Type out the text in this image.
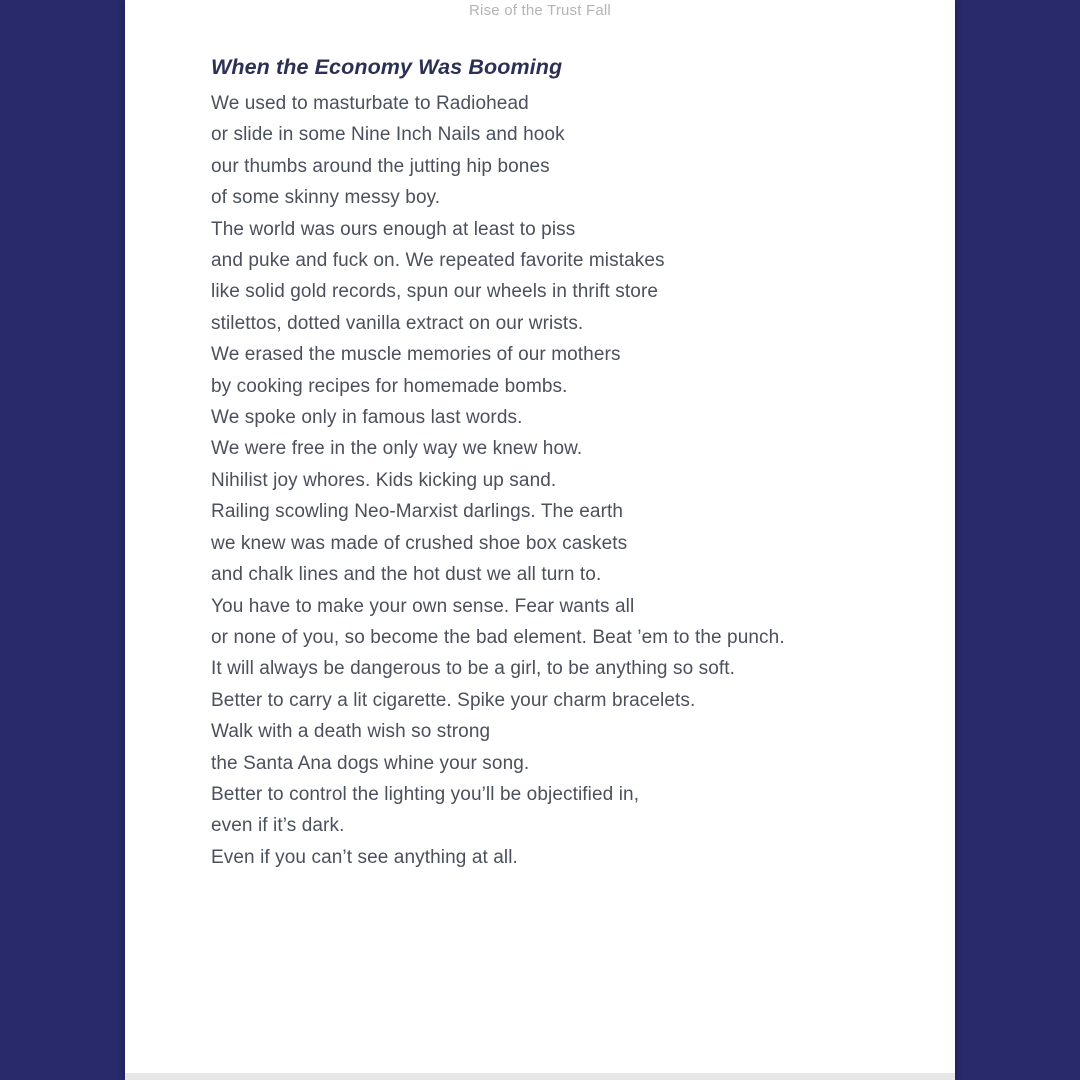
Rise of the Trust Fall
When the Economy Was Booming

We used to masturbate to Radiohead

or slide in some Nine Inch Nails and hook

our thumbs around the jutting hip bones

of some skinny messy boy.

The world was ours enough at least to piss

and puke and fuck on. We repeated favorite mistakes

like solid gold records, spun our wheels in thrift store

stilettos, dotted vanilla extract on our wrists.

We erased the muscle memories of our mothers

by cooking recipes for homemade bombs.

We spoke only in famous last words.

We were free in the only way we knew how.

Nihilist joy whores. Kids kicking up sand.

Railing scowling Neo-Marxist darlings. The earth

we knew was made of crushed shoe box caskets

and chalk lines and the hot dust we all turn to.

You have to make your own sense. Fear wants all

or none of you, so become the bad element. Beat ’em to the punch.

It will always be dangerous to be a girl, to be anything so soft.

Better to carry a lit cigarette. Spike your charm bracelets.

Walk with a death wish so strong

the Santa Ana dogs whine your song.

Better to control the lighting you’ll be objectified in,

even if it’s dark.

Even if you can’t see anything at all.
